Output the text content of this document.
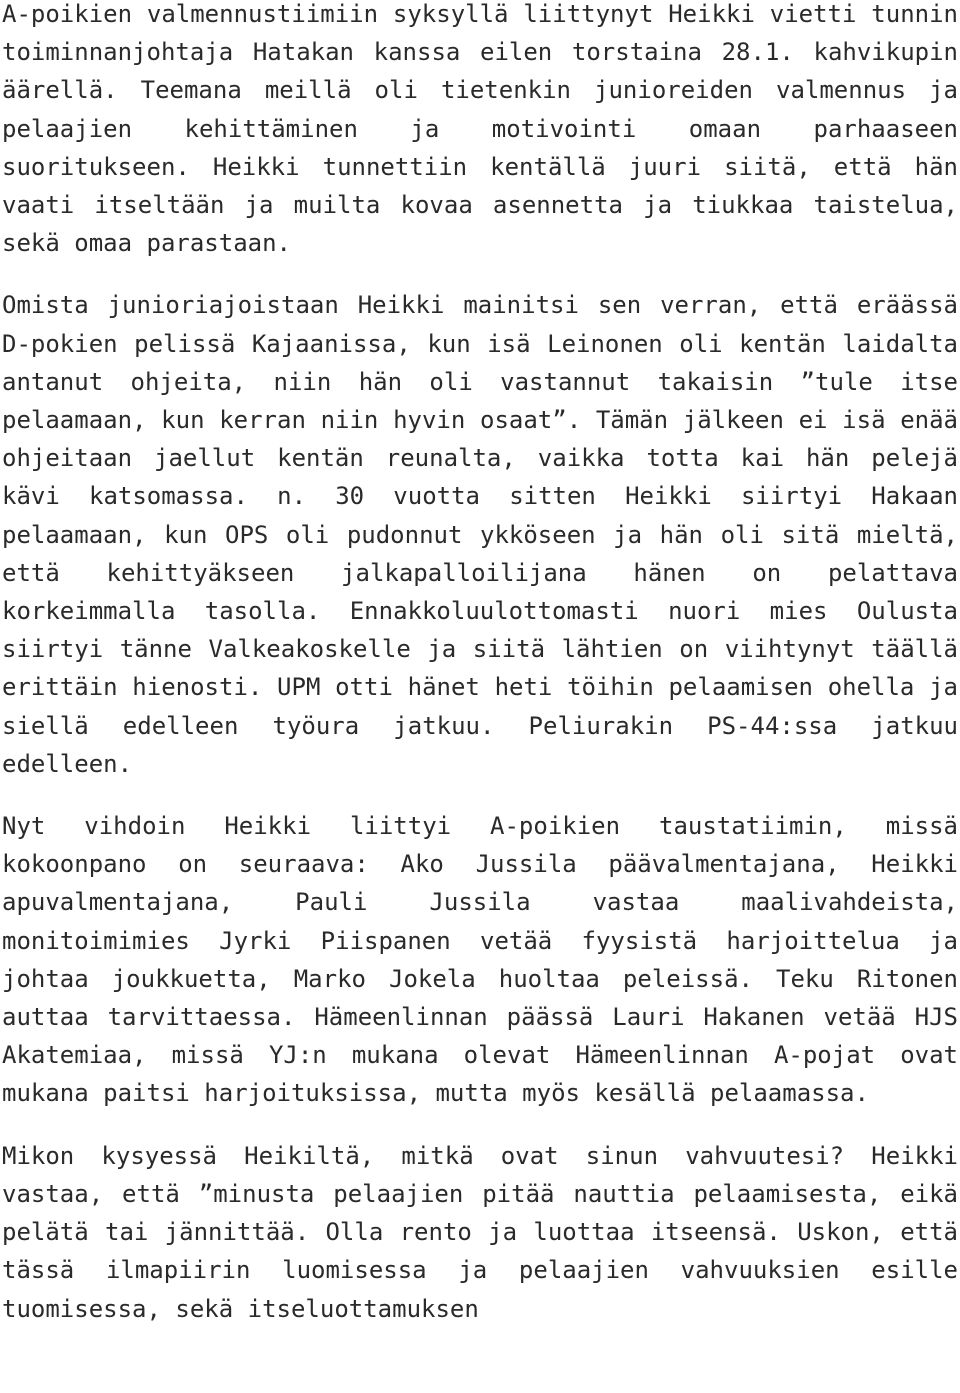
A-poikien valmennustiimiin syksyllä liittynyt Heikki vietti tunnin toiminnanjohtaja Hatakan kanssa eilen torstaina 28.1. kahvikupin äärellä. Teemana meillä oli tietenkin junioreiden valmennus ja pelaajien kehittäminen ja motivointi omaan parhaaseen suoritukseen. Heikki tunnettiin kentällä juuri siitä, että hän vaati itseltään ja muilta kovaa asennetta ja tiukkaa taistelua, sekä omaa parastaan.

Omista junioriajoistaan Heikki mainitsi sen verran, että eräässä D-pokien pelissä Kajaanissa, kun isä Leinonen oli kentän laidalta antanut ohjeita, niin hän oli vastannut takaisin ”tule itse pelaamaan, kun kerran niin hyvin osaat”. Tämän jälkeen ei isä enää ohjeitaan jaellut kentän reunalta, vaikka totta kai hän pelejä kävi katsomassa. n. 30 vuotta sitten Heikki siirtyi Hakaan pelaamaan, kun OPS oli pudonnut ykköseen ja hän oli sitä mieltä, että kehittyäkseen jalkapalloilijana hänen on pelattava korkeimmalla tasolla. Ennakkoluulottomasti nuori mies Oulusta siirtyi tänne Valkeakoskelle ja siitä lähtien on viihtynyt täällä erittäin hienosti. UPM otti hänet heti töihin pelaamisen ohella ja siellä edelleen työura jatkuu. Peliurakin PS-44:ssa jatkuu edelleen.

Nyt vihdoin Heikki liittyi A-poikien taustatiimin, missä kokoonpano on seuraava: Ako Jussila päävalmentajana, Heikki apuvalmentajana, Pauli Jussila vastaa maalivahdeista, monitoimimies Jyrki Piispanen vetää fyysistä harjoittelua ja johtaa joukkuetta, Marko Jokela huoltaa peleissä. Teku Ritonen auttaa tarvittaessa. Hämeenlinnan päässä Lauri Hakanen vetää HJS Akatemiaa, missä YJ:n mukana olevat Hämeenlinnan A-pojat ovat mukana paitsi harjoituksissa, mutta myös kesällä pelaamassa.

Mikon kysyessä Heikiltä, mitkä ovat sinun vahvuutesi? Heikki vastaa, että ”minusta pelaajien pitää nauttia pelaamisesta, eikä pelätä tai jännittää. Olla rento ja luottaa itseensä. Uskon, että tässä ilmapiirin luomisessa ja pelaajien vahvuuksien esille tuomisessa, sekä itseluottamuksen
